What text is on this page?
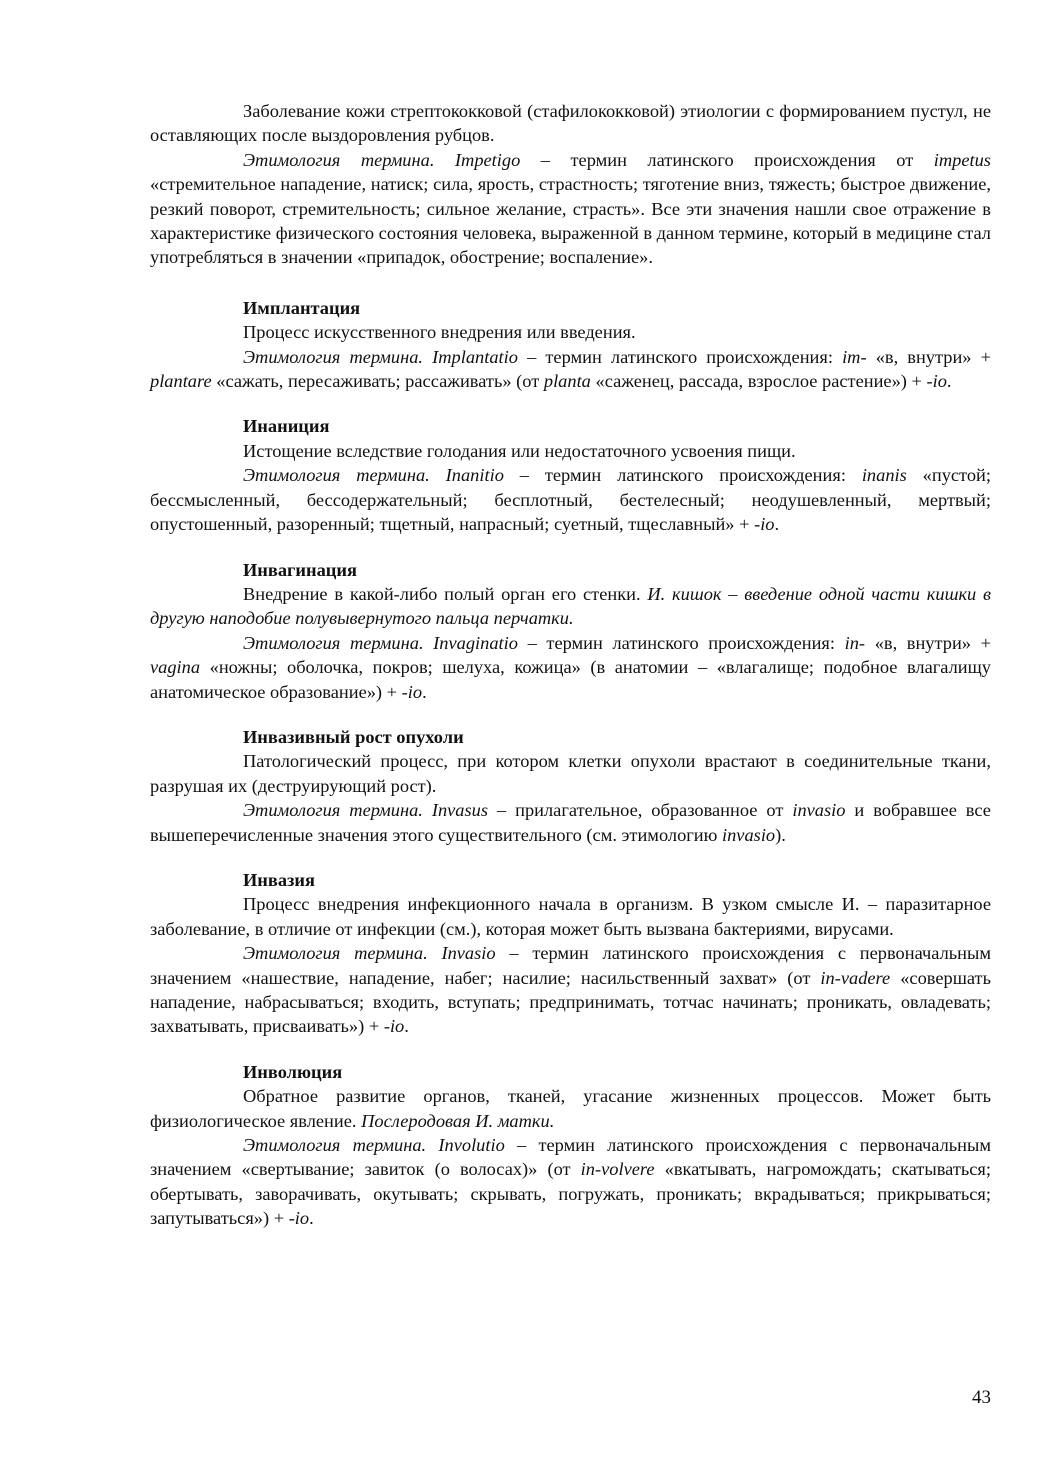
Заболевание кожи стрептококковой (стафилококковой) этиологии с формированием пустул, не оставляющих после выздоровления рубцов.

Этимология термина. Impetigo – термин латинского происхождения от impetus «стремительное нападение, натиск; сила, ярость, страстность; тяготение вниз, тяжесть; быстрое движение, резкий поворот, стремительность; сильное желание, страсть». Все эти значения нашли свое отражение в характеристике физического состояния человека, выраженной в данном термине, который в медицине стал употребляться в значении «припадок, обострение; воспаление».

Имплантация

Процесс искусственного внедрения или введения.

Этимология термина. Implantatio – термин латинского происхождения: im- «в, внутри» + plantare «сажать, пересаживать; рассаживать» (от planta «саженец, рассада, взрослое растение») + -io.

Инаниция

Истощение вследствие голодания или недостаточного усвоения пищи.

Этимология термина. Inanitio – термин латинского происхождения: inanis «пустой; бессмысленный, бессодержательный; бесплотный, бестелесный; неодушевленный, мертвый; опустошенный, разоренный; тщетный, напрасный; суетный, тщеславный» + -io.

Инвагинация

Внедрение в какой-либо полый орган его стенки. И. кишок – введение одной части кишки в другую наподобие полувывернутого пальца перчатки.

Этимология термина. Invaginatio – термин латинского происхождения: in- «в, внутри» + vagina «ножны; оболочка, покров; шелуха, кожица» (в анатомии – «влагалище; подобное влагалищу анатомическое образование») + -io.

Инвазивный рост опухоли

Патологический процесс, при котором клетки опухоли врастают в соединительные ткани, разрушая их (деструирующий рост).

Этимология термина. Invasus – прилагательное, образованное от invasio и вобравшее все вышеперечисленные значения этого существительного (см. этимологию invasio).

Инвазия

Процесс внедрения инфекционного начала в организм. В узком смысле И. – паразитарное заболевание, в отличие от инфекции (см.), которая может быть вызвана бактериями, вирусами.

Этимология термина. Invasio – термин латинского происхождения с первоначальным значением «нашествие, нападение, набег; насилие; насильственный захват» (от in-vadere «совершать нападение, набрасываться; входить, вступать; предпринимать, тотчас начинать; проникать, овладевать; захватывать, присваивать») + -io.

Инволюция

Обратное развитие органов, тканей, угасание жизненных процессов. Может быть физиологическое явление. Послеродовая И. матки.

Этимология термина. Involutio – термин латинского происхождения с первоначальным значением «свертывание; завиток (о волосах)» (от in-volvere «вкатывать, нагромождать; скатываться; обертывать, заворачивать, окутывать; скрывать, погружать, проникать; вкрадываться; прикрываться; запутываться») + -io.

43
